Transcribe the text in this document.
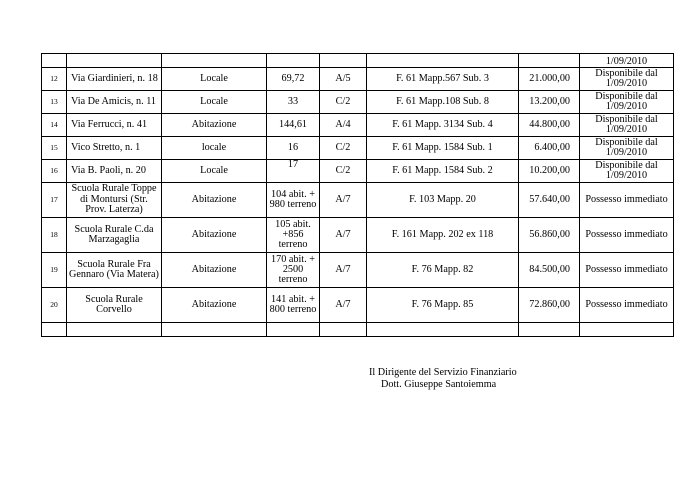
							1/09/2010
12	Via Giardinieri, n. 18	Locale	69,72	A/5	F. 61 Mapp.567 Sub. 3	21.000,00	Disponibile dal 1/09/2010
13	Via De Amicis, n. 11	Locale	33	C/2	F. 61 Mapp.108 Sub. 8	13.200,00	Disponibile dal 1/09/2010
14	Via Ferrucci, n. 41	Abitazione	144,61	A/4	F. 61 Mapp. 3134 Sub. 4	44.800,00	Disponibile dal 1/09/2010
15	Vico Stretto, n. 1	locale	16	C/2	F. 61 Mapp. 1584 Sub. 1	6.400,00	Disponibile dal 1/09/2010
16	Via B. Paoli, n. 20	Locale	17	C/2	F. 61 Mapp. 1584 Sub. 2	10.200,00	Disponibile dal 1/09/2010
17	Scuola Rurale Toppe di Montursi (Str. Prov. Laterza)	Abitazione	104 abit. + 980 terreno	A/7	F. 103 Mapp. 20	57.640,00	Possesso immediato
18	Scuola Rurale C.da Marzagaglia	Abitazione	105 abit. +856 terreno	A/7	F. 161 Mapp. 202 ex 118	56.860,00	Possesso immediato
19	Scuola Rurale Fra Gennaro (Via Matera)	Abitazione	170 abit. + 2500 terreno	A/7	F. 76 Mapp. 82	84.500,00	Possesso immediato
20	Scuola Rurale Corvello	Abitazione	141 abit. + 800 terreno	A/7	F. 76 Mapp. 85	72.860,00	Possesso immediato

Il Dirigente del Servizio Finanziario
Dott. Giuseppe Santoiemma
